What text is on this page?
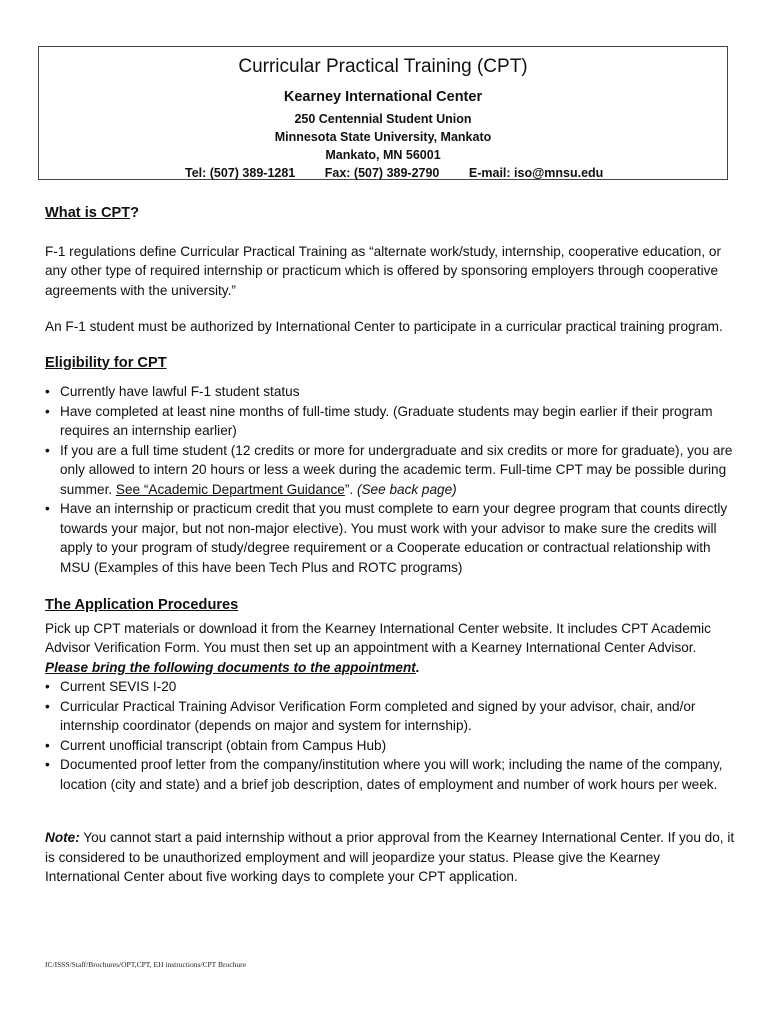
Curricular Practical Training (CPT)
Kearney International Center
250 Centennial Student Union
Minnesota State University, Mankato
Mankato, MN 56001
Tel: (507) 389-1281 Fax: (507) 389-2790 E-mail: iso@mnsu.edu
What is CPT?

F-1 regulations define Curricular Practical Training as “alternate work/study, internship, cooperative education, or any other type of required internship or practicum which is offered by sponsoring employers through cooperative agreements with the university.”

An F-1 student must be authorized by International Center to participate in a curricular practical training program.

Eligibility for CPT
• Currently have lawful F-1 student status
• Have completed at least nine months of full-time study. (Graduate students may begin earlier if their program requires an internship earlier)
• If you are a full time student (12 credits or more for undergraduate and six credits or more for graduate), you are only allowed to intern 20 hours or less a week during the academic term. Full-time CPT may be possible during summer. See “Academic Department Guidance”. (See back page)
• Have an internship or practicum credit that you must complete to earn your degree program that counts directly towards your major, but not non-major elective). You must work with your advisor to make sure the credits will apply to your program of study/degree requirement or a Cooperate education or contractual relationship with MSU (Examples of this have been Tech Plus and ROTC programs)
The Application Procedures

Pick up CPT materials or download it from the Kearney International Center website. It includes CPT Academic Advisor Verification Form. You must then set up an appointment with a Kearney International Center Advisor.
Please bring the following documents to the appointment.

• Current SEVIS I-20
• Curricular Practical Training Advisor Verification Form completed and signed by your advisor, chair, and/or internship coordinator (depends on major and system for internship).
• Current unofficial transcript (obtain from Campus Hub)
• Documented proof letter from the company/institution where you will work; including the name of the company, location (city and state) and a brief job description, dates of employment and number of work hours per week.

Note: You cannot start a paid internship without a prior approval from the Kearney International Center. If you do, it is considered to be unauthorized employment and will jeopardize your status. Please give the Kearney International Center about five working days to complete your CPT application.

IC/ISSS/Staff/Brochures/OPT,CPT, EH instructions/CPT Brochure
